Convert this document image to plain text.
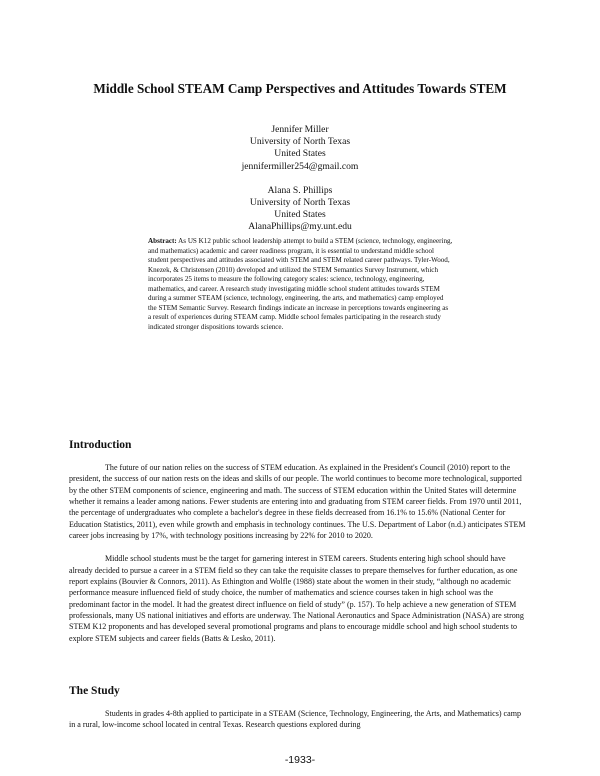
Middle School STEAM Camp Perspectives and Attitudes Towards STEM
Jennifer Miller
University of North Texas
United States
jennifermiller254@gmail.com
Alana S. Phillips
University of North Texas
United States
AlanaPhillips@my.unt.edu
Abstract: As US K12 public school leadership attempt to build a STEM (science, technology, engineering, and mathematics) academic and career readiness program, it is essential to understand middle school student perspectives and attitudes associated with STEM and STEM related career pathways. Tyler-Wood, Knezek, & Christensen (2010) developed and utilized the STEM Semantics Survey Instrument, which incorporates 25 items to measure the following category scales: science, technology, engineering, mathematics, and career. A research study investigating middle school student attitudes towards STEM during a summer STEAM (science, technology, engineering, the arts, and mathematics) camp employed the STEM Semantic Survey. Research findings indicate an increase in perceptions towards engineering as a result of experiences during STEAM camp. Middle school females participating in the research study indicated stronger dispositions towards science.
Introduction

The future of our nation relies on the success of STEM education. As explained in the President's Council (2010) report to the president, the success of our nation rests on the ideas and skills of our people. The world continues to become more technological, supported by the other STEM components of science, engineering and math. The success of STEM education within the United States will determine whether it remains a leader among nations. Fewer students are entering into and graduating from STEM career fields. From 1970 until 2011, the percentage of undergraduates who complete a bachelor's degree in these fields decreased from 16.1% to 15.6% (National Center for Education Statistics, 2011), even while growth and emphasis in technology continues. The U.S. Department of Labor (n.d.) anticipates STEM career jobs increasing by 17%, with technology positions increasing by 22% for 2010 to 2020.

Middle school students must be the target for garnering interest in STEM careers. Students entering high school should have already decided to pursue a career in a STEM field so they can take the requisite classes to prepare themselves for further education, as one report explains (Bouvier & Connors, 2011). As Ethington and Wolfle (1988) state about the women in their study, “although no academic performance measure influenced field of study choice, the number of mathematics and science courses taken in high school was the predominant factor in the model. It had the greatest direct influence on field of study” (p. 157). To help achieve a new generation of STEM professionals, many US national initiatives and efforts are underway. The National Aeronautics and Space Administration (NASA) are strong STEM K12 proponents and has developed several promotional programs and plans to encourage middle school and high school students to explore STEM subjects and career fields (Batts & Lesko, 2011).

The Study

Students in grades 4-8th applied to participate in a STEAM (Science, Technology, Engineering, the Arts, and Mathematics) camp in a rural, low-income school located in central Texas. Research questions explored during

-1933-
